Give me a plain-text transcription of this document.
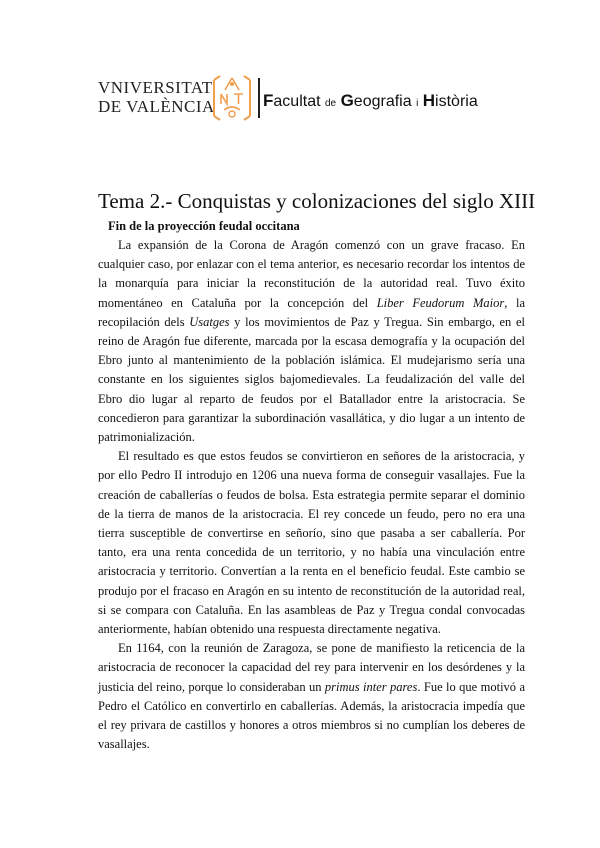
VNIVERSITAT
DE VALÈNCIA	Facultat de Geografia i Història
Tema 2.- Conquistas y colonizaciones del siglo XIII
Fin de la proyección feudal occitana

La expansión de la Corona de Aragón comenzó con un grave fracaso. En cualquier caso, por enlazar con el tema anterior, es necesario recordar los intentos de la monarquía para iniciar la reconstitución de la autoridad real. Tuvo éxito momentáneo en Cataluña por la concepción del Liber Feudorum Maior, la recopilación dels Usatges y los movimientos de Paz y Tregua. Sin embargo, en el reino de Aragón fue diferente, marcada por la escasa demografía y la ocupación del Ebro junto al mantenimiento de la población islámica. El mudejarismo sería una constante en los siguientes siglos bajomedievales. La feudalización del valle del Ebro dio lugar al reparto de feudos por el Batallador entre la aristocracia. Se concedieron para garantizar la subordinación vasallática, y dio lugar a un intento de patrimonialización.

El resultado es que estos feudos se convirtieron en señores de la aristocracia, y por ello Pedro II introdujo en 1206 una nueva forma de conseguir vasallajes. Fue la creación de caballerías o feudos de bolsa. Esta estrategia permite separar el dominio de la tierra de manos de la aristocracia. El rey concede un feudo, pero no era una tierra susceptible de convertirse en señorío, sino que pasaba a ser caballería. Por tanto, era una renta concedida de un territorio, y no había una vinculación entre aristocracia y territorio. Convertían a la renta en el beneficio feudal. Este cambio se produjo por el fracaso en Aragón en su intento de reconstitución de la autoridad real, si se compara con Cataluña. En las asambleas de Paz y Tregua condal convocadas anteriormente, habían obtenido una respuesta directamente negativa.

En 1164, con la reunión de Zaragoza, se pone de manifiesto la reticencia de la aristocracia de reconocer la capacidad del rey para intervenir en los desórdenes y la justicia del reino, porque lo consideraban un primus inter pares. Fue lo que motivó a Pedro el Católico en convertirlo en caballerías. Además, la aristocracia impedía que el rey privara de castillos y honores a otros miembros si no cumplían los deberes de vasallajes.
